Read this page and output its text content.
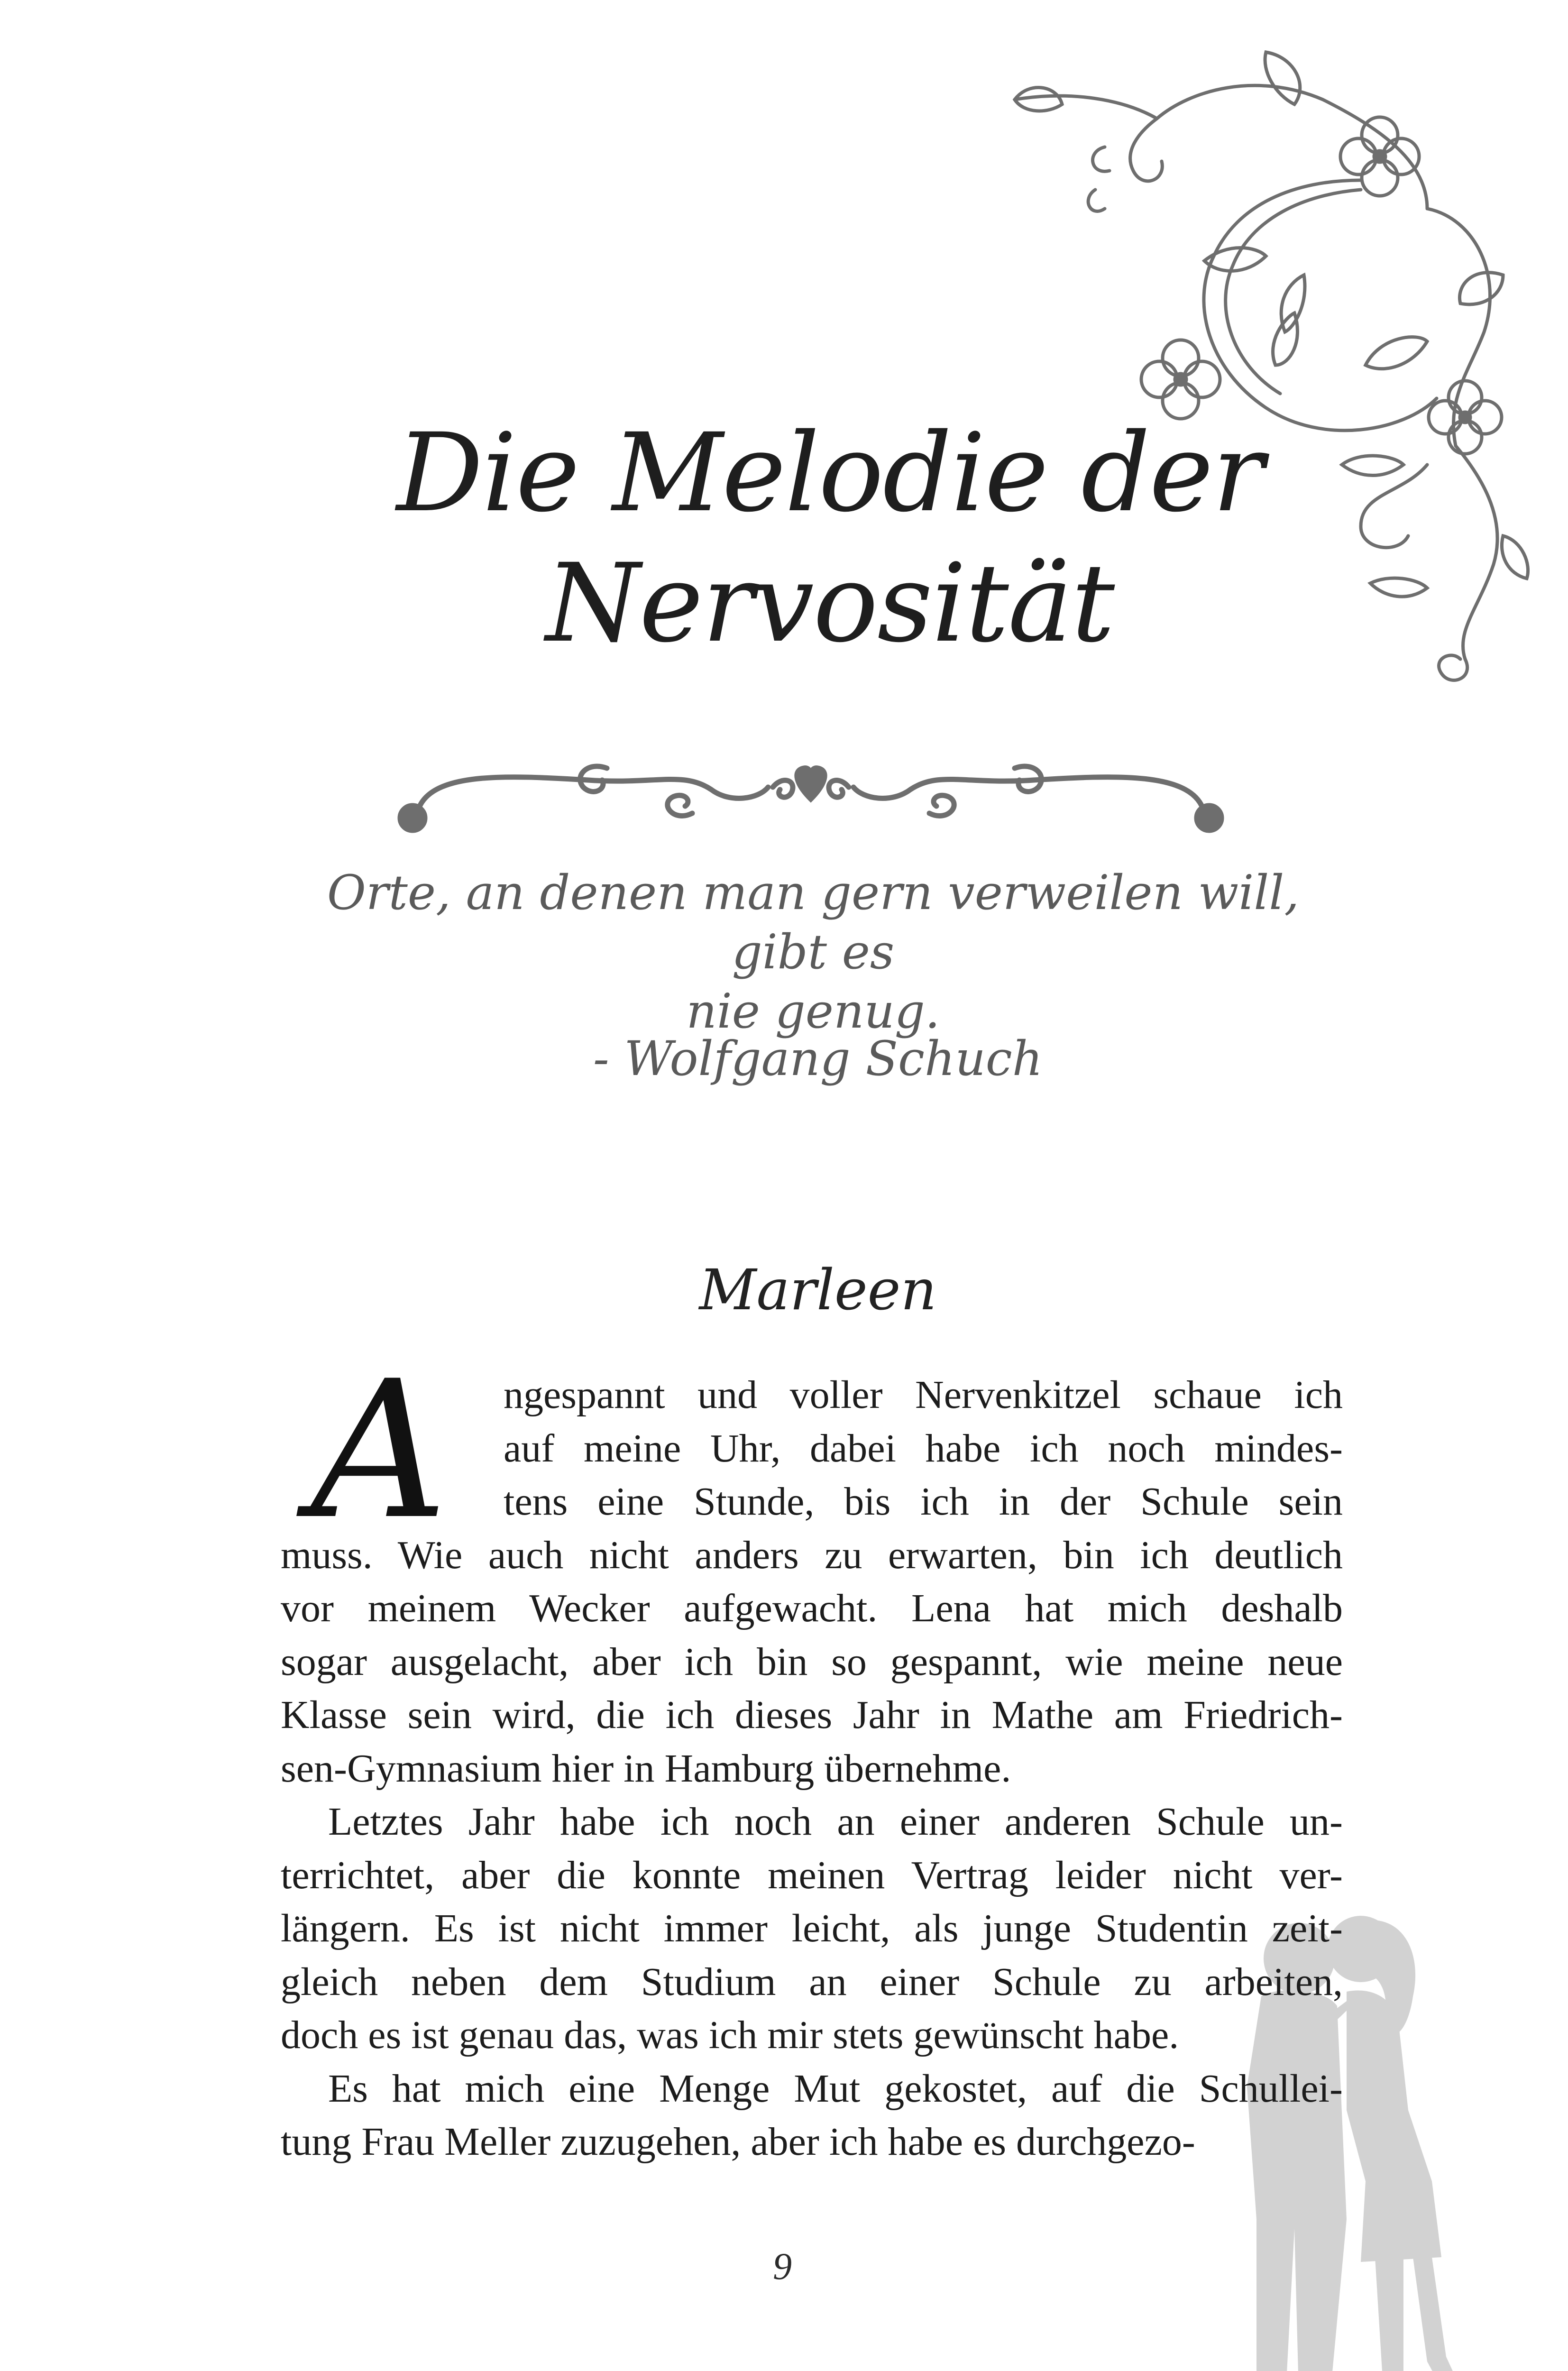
Die Melodie der
Nervosität
Orte, an denen man gern verweilen will, gibt es
nie genug.
- Wolfgang Schuch
Marleen
A	ngespannt und voller Nervenkitzel schaue ich
auf meine Uhr, dabei habe ich noch mindes-
tens eine Stunde, bis ich in der Schule sein
muss. Wie auch nicht anders zu erwarten, bin ich deutlich
vor meinem Wecker aufgewacht. Lena hat mich deshalb
sogar ausgelacht, aber ich bin so gespannt, wie meine neue
Klasse sein wird, die ich dieses Jahr in Mathe am Friedrich-
sen-Gymnasium hier in Hamburg übernehme.
Letztes Jahr habe ich noch an einer anderen Schule un-
terrichtet, aber die konnte meinen Vertrag leider nicht ver-
längern. Es ist nicht immer leicht, als junge Studentin zeit-
gleich neben dem Studium an einer Schule zu arbeiten,
doch es ist genau das, was ich mir stets gewünscht habe.
Es hat mich eine Menge Mut gekostet, auf die Schullei-
tung Frau Meller zuzugehen, aber ich habe es durchgezo-
9
